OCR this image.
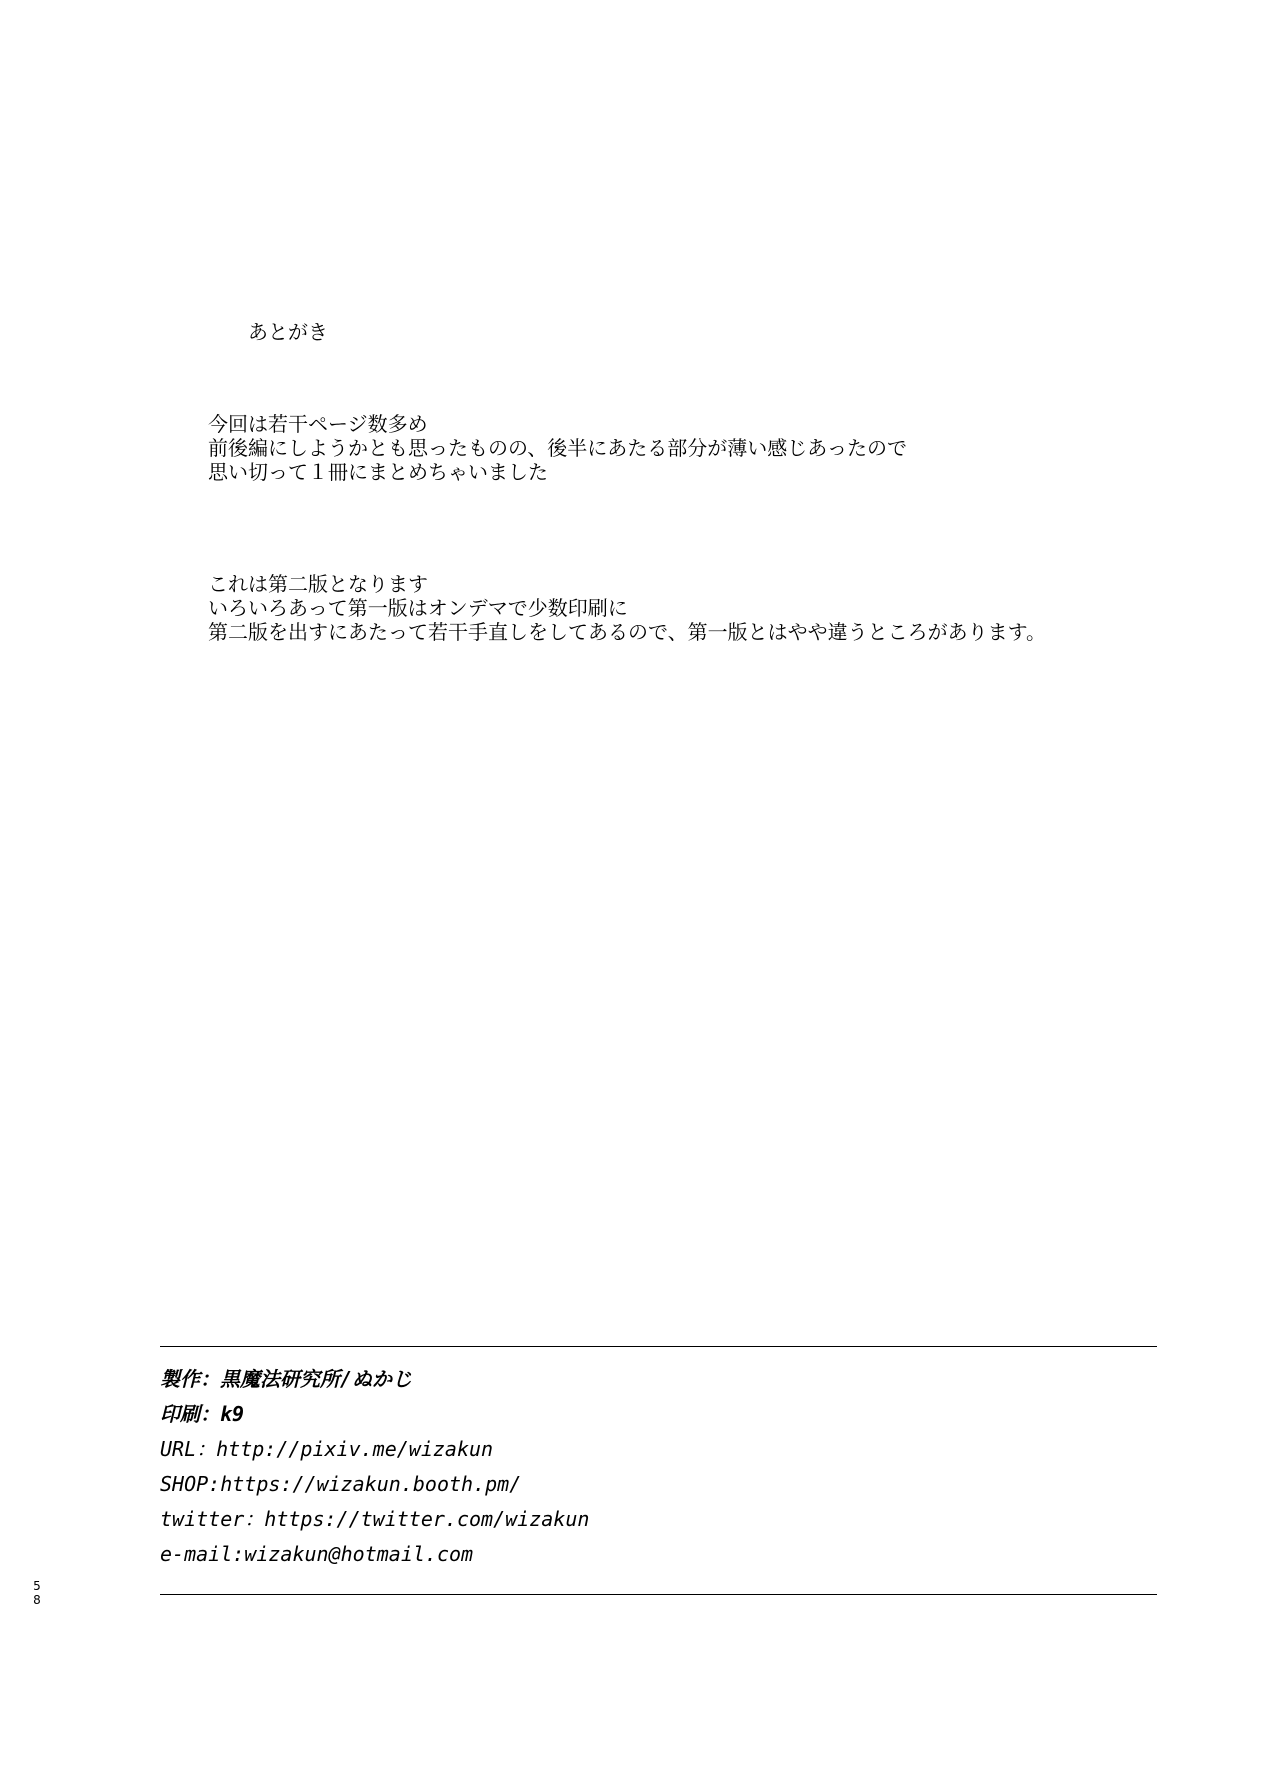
あとがき
今回は若干ページ数多め
前後編にしようかとも思ったものの、後半にあたる部分が薄い感じあったので
思い切って１冊にまとめちゃいました
これは第二版となります
いろいろあって第一版はオンデマで少数印刷に
第二版を出すにあたって若干手直しをしてあるので、第一版とはやや違うところがあります。
製作：黒魔法研究所/ぬかじ
印刷：k9
URL：http://pixiv.me/wizakun
SHOP:https://wizakun.booth.pm/
twitter：https://twitter.com/wizakun
e-mail:wizakun@hotmail.com
5
8
